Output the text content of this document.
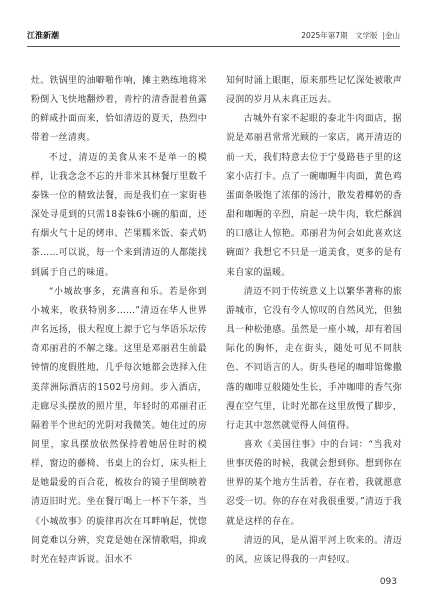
江淮新潮	2025年第7期 文学版 |金山

灶。铁锅里的油噼啪作响，摊主熟练地将米粉倒入飞快地翻炒着，青柠的清香混着鱼露的鲜咸扑面而来，恰如清迈的夏天，热烈中带着一丝清爽。

不过，清迈的美食从来不是单一的模样，让我念念不忘的并非米其林餐厅里数千泰铢一位的精致法餐，而是我们在一家街巷深处寻觅到的只需18泰铢6小碗的船面，还有烟火气十足的烤串、芒果糯米饭、泰式奶茶……可以说，每一个来到清迈的人都能找到属于自己的味道。

“小城故事多，充满喜和乐。若是你到小城来，收获特别多……”清迈在华人世界声名远扬，很大程度上源于它与华语乐坛传奇邓丽君的不解之缘。这里是邓丽君生前最钟情的度假胜地，几乎每次她都会选择入住美萍洲际酒店的1502号房间。步入酒店，走廊尽头摆放的照片里，年轻时的邓丽君正隔着半个世纪的光阴对我微笑。她住过的房间里，家具摆放依然保持着她居住时的模样，窗边的藤椅、书桌上的台灯，床头柜上是她最爱的百合花，梳妆台的镜子里倒映着清迈旧时光。坐在餐厅喝上一杯下午茶，当《小城故事》的旋律再次在耳畔响起，恍惚间竟难以分辨，究竟是她在深情歌唱，抑或时光在轻声诉说。泪水不

知何时涌上眼眶，原来那些记忆深处被歌声浸润的岁月从未真正远去。

古城外有家不起眼的泰北牛肉面店，据说是邓丽君常常光顾的一家店，离开清迈的前一天，我们特意去位于宁曼路巷子里的这家小店打卡。点了一碗咖喱牛肉面，黄色鸡蛋面条吸饱了浓郁的汤汁，散发着椰奶的香甜和咖喱的辛烈，肩起一块牛肉，软烂酥润的口感让人惊艳。邓丽君为何会如此喜欢这碗面？我想它不只是一道美食，更多的是有来自家的温暖。

清迈不同于传统意义上以繁华著称的旅游城市，它没有令人惊叹的自然风光，但独具一种松弛感。虽然是一座小城，却有着国际化的胸怀，走在街头，随处可见不同肤色、不同语言的人。街头巷尾的咖啡馆像撒落的咖啡豆般随处生长，手冲咖啡的香气弥漫在空气里，让时光都在这里放慢了脚步，行走其中忽然就觉得人间值得。

喜欢《美国往事》中的台词：“当我对世事厌倦的时候，我就会想到你。想到你在世界的某个地方生活着，存在着，我就愿意忍受一切。你的存在对我很重要。”清迈于我就是这样的存在。

清迈的风，是从湄平河上吹来的。清迈的风，应该记得我的一声轻叹。

093
